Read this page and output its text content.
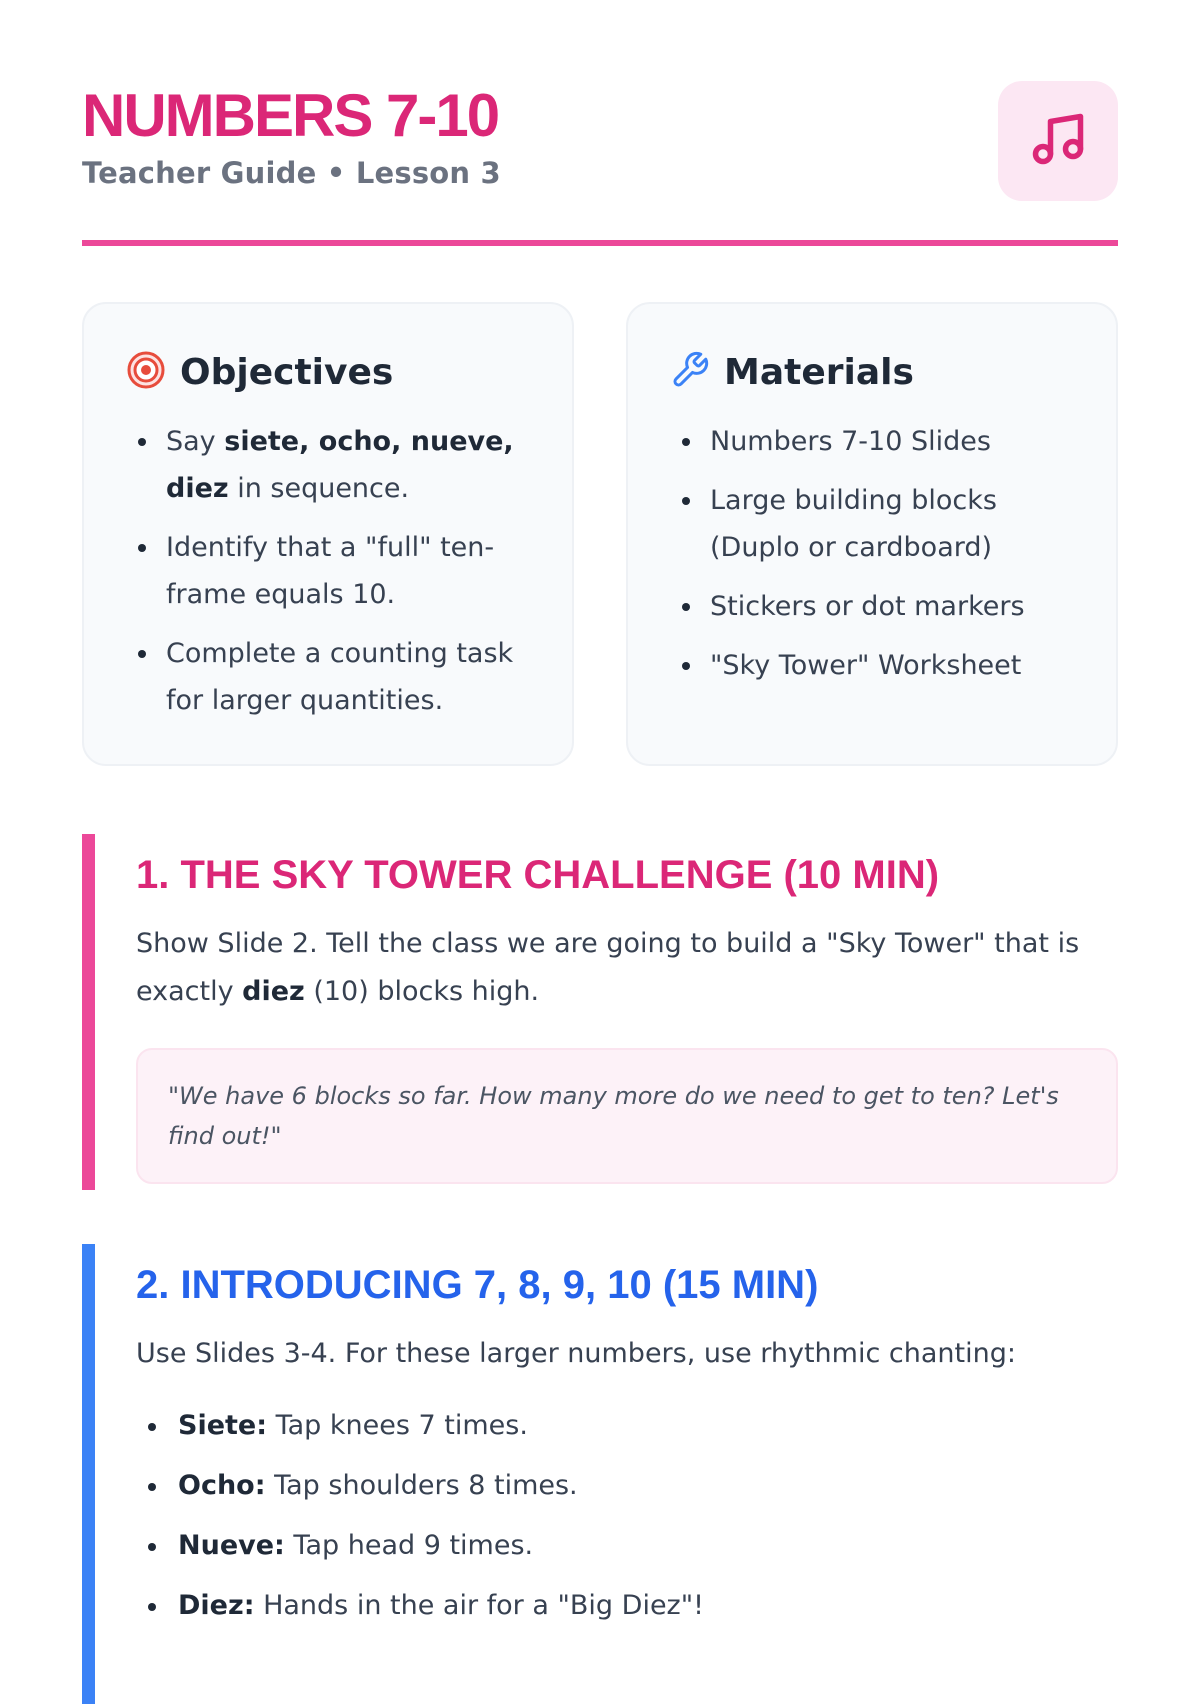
NUMBERS 7-10
Teacher Guide • Lesson 3
Objectives
Say siete, ocho, nueve, diez in sequence.
Identify that a "full" ten-frame equals 10.
Complete a counting task for larger quantities.
Materials
Numbers 7-10 Slides
Large building blocks (Duplo or cardboard)
Stickers or dot markers
"Sky Tower" Worksheet
1. THE SKY TOWER CHALLENGE (10 MIN)

Show Slide 2. Tell the class we are going to build a "Sky Tower" that is exactly diez (10) blocks high.

"We have 6 blocks so far. How many more do we need to get to ten? Let's find out!"

2. INTRODUCING 7, 8, 9, 10 (15 MIN)

Use Slides 3-4. For these larger numbers, use rhythmic chanting:

Siete: Tap knees 7 times.
Ocho: Tap shoulders 8 times.
Nueve: Tap head 9 times.
Diez: Hands in the air for a "Big Diez"!
